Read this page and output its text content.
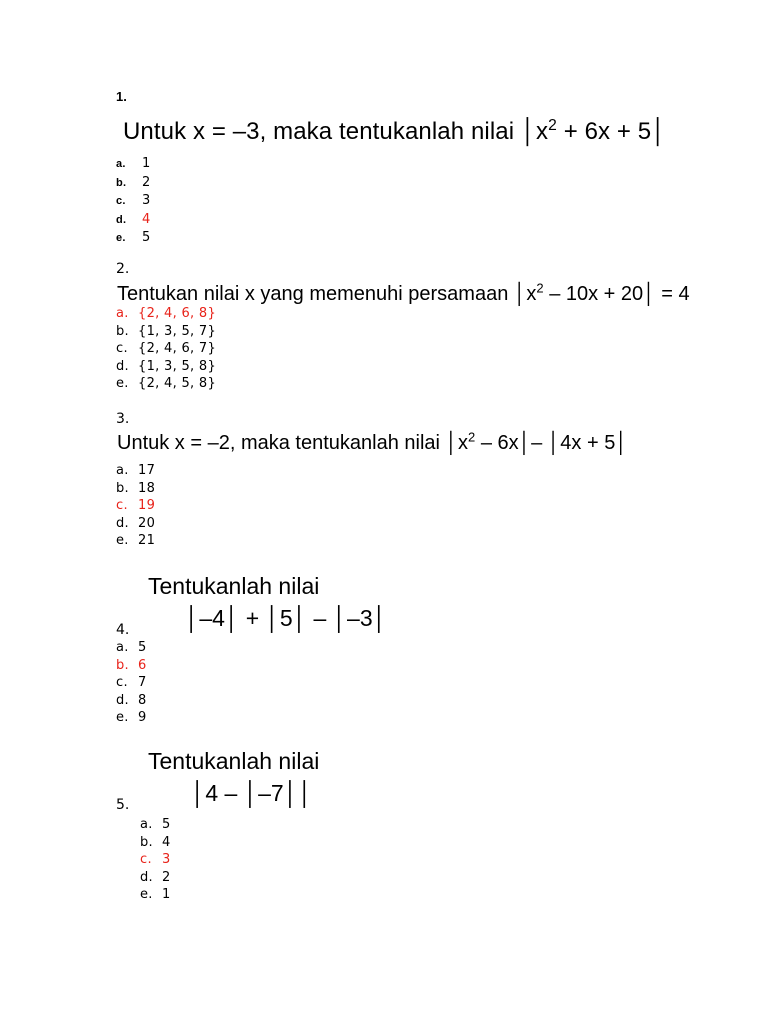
1.
Untuk x = –3, maka tentukanlah nilai $│x^2 + 6x$ + 5│
a. 1
b. 2
c. 3
d. 4
e. 5
2.
Tentukan nilai x yang memenuhi persamaan $│x^2 - 10x$ + 20│ = 4
a. {2, 4, 6, 8}
b. {1, 3, 5, 7}
c. {2, 4, 6, 7}
d. {1, 3, 5, 8}
e. {2, 4, 5, 8}
3.
Untuk x = –2, maka tentukanlah nilai $│x^2$ – 6x│– │4x + 5│
a. 17
b. 18
c. 19
d. 20
e. 21
Tentukanlah nilai
│–4│ + │5│ – │–3│
4.
a. 5
b. 6
c. 7
d. 8
e. 9
Tentukanlah nilai
│4 – │–7││
5.
a. 5
b. 4
c. 3
d. 2
e. 1
